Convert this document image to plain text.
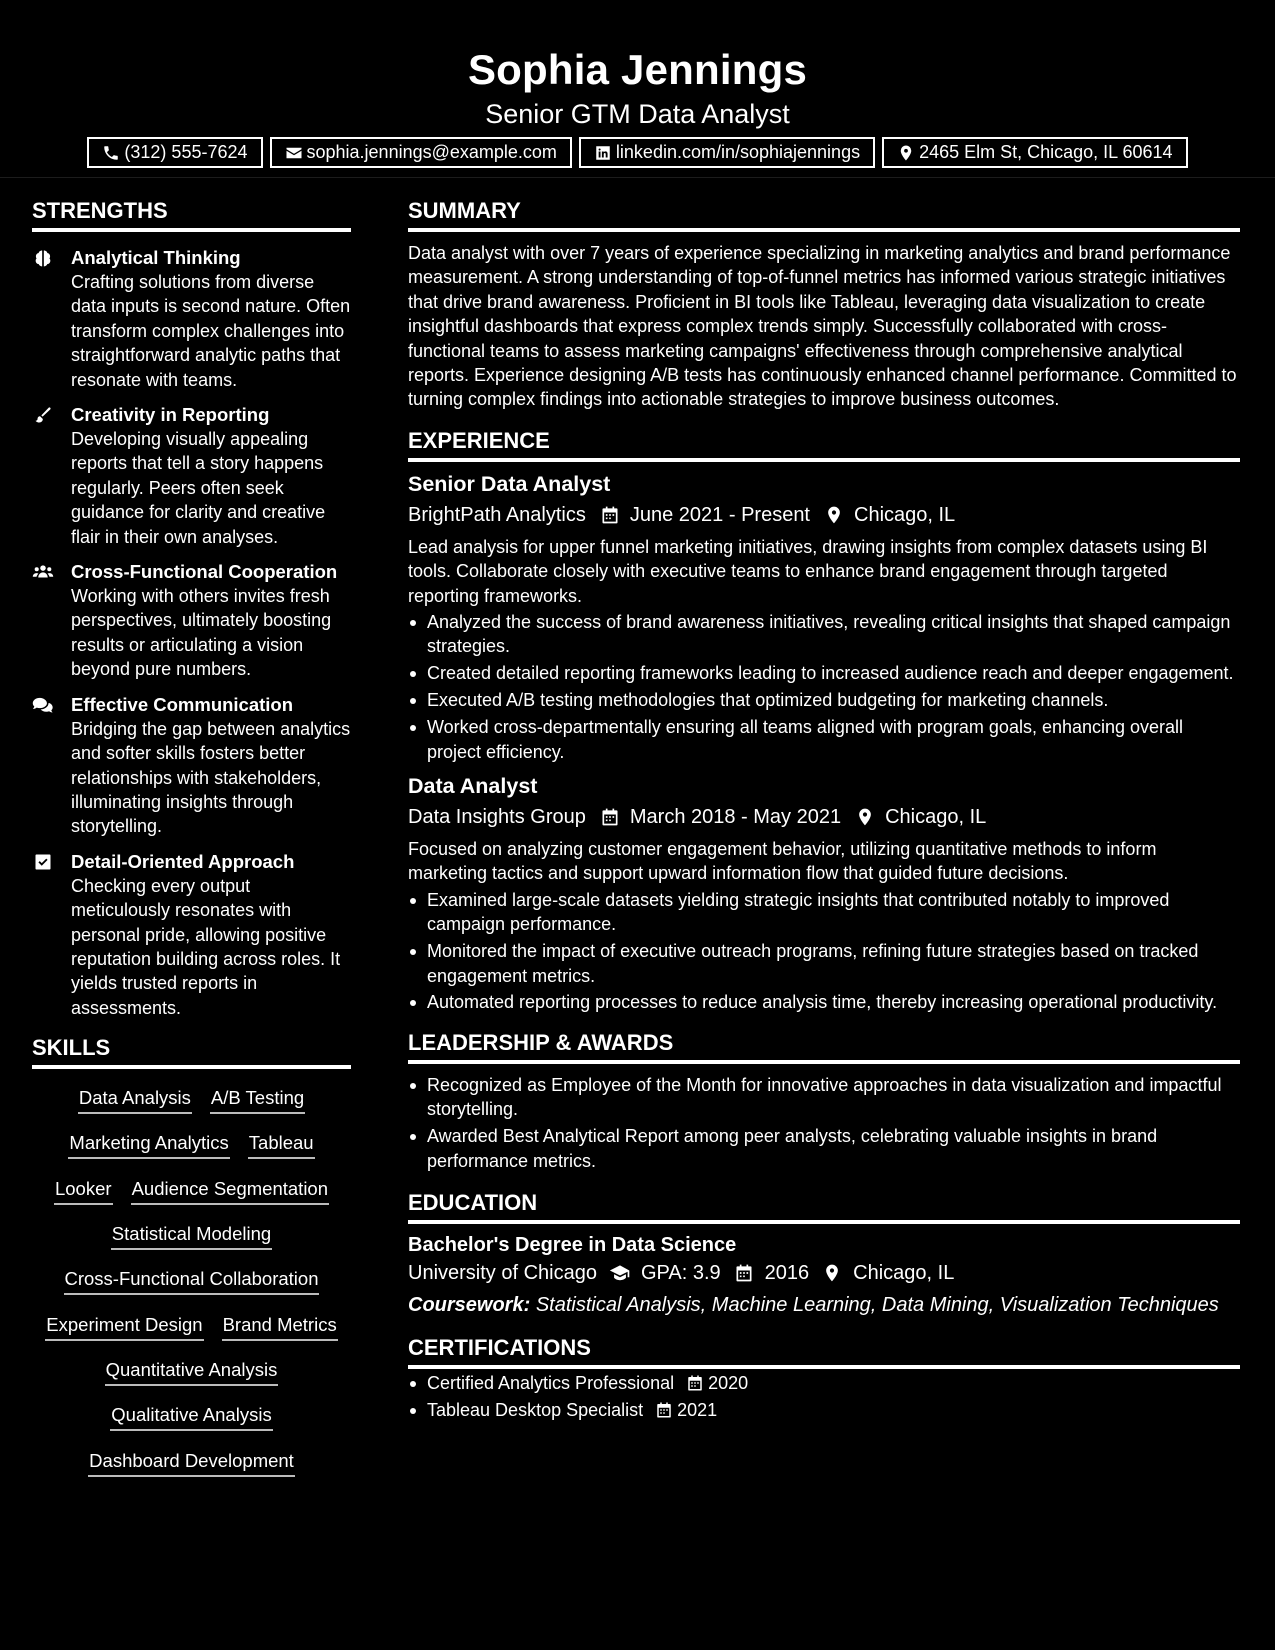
Sophia Jennings
Senior GTM Data Analyst
(312) 555-7624	sophia.jennings@example.com	linkedin.com/in/sophiajennings	2465 Elm St, Chicago, IL 60614
STRENGTHS
Analytical Thinking
Crafting solutions from diverse data inputs is second nature. Often transform complex challenges into straightforward analytic paths that resonate with teams.
Creativity in Reporting
Developing visually appealing reports that tell a story happens regularly. Peers often seek guidance for clarity and creative flair in their own analyses.
Cross-Functional Cooperation
Working with others invites fresh perspectives, ultimately boosting results or articulating a vision beyond pure numbers.
Effective Communication
Bridging the gap between analytics and softer skills fosters better relationships with stakeholders, illuminating insights through storytelling.
Detail-Oriented Approach
Checking every output meticulously resonates with personal pride, allowing positive reputation building across roles. It yields trusted reports in assessments.
SKILLS
Data Analysis A/B Testing
Marketing Analytics Tableau
Looker Audience Segmentation
Statistical Modeling
Cross-Functional Collaboration
Experiment Design Brand Metrics
Quantitative Analysis
Qualitative Analysis
Dashboard Development
SUMMARY
Data analyst with over 7 years of experience specializing in marketing analytics and brand performance measurement. A strong understanding of top-of-funnel metrics has informed various strategic initiatives that drive brand awareness. Proficient in BI tools like Tableau, leveraging data visualization to create insightful dashboards that express complex trends simply. Successfully collaborated with cross-functional teams to assess marketing campaigns' effectiveness through comprehensive analytical reports. Experience designing A/B tests has continuously enhanced channel performance. Committed to turning complex findings into actionable strategies to improve business outcomes.
EXPERIENCE
Senior Data Analyst
BrightPath Analytics June 2021 - Present Chicago, IL
Lead analysis for upper funnel marketing initiatives, drawing insights from complex datasets using BI tools. Collaborate closely with executive teams to enhance brand engagement through targeted reporting frameworks.
Analyzed the success of brand awareness initiatives, revealing critical insights that shaped campaign strategies.
Created detailed reporting frameworks leading to increased audience reach and deeper engagement.
Executed A/B testing methodologies that optimized budgeting for marketing channels.
Worked cross-departmentally ensuring all teams aligned with program goals, enhancing overall project efficiency.
Data Analyst
Data Insights Group March 2018 - May 2021 Chicago, IL
Focused on analyzing customer engagement behavior, utilizing quantitative methods to inform marketing tactics and support upward information flow that guided future decisions.
Examined large-scale datasets yielding strategic insights that contributed notably to improved campaign performance.
Monitored the impact of executive outreach programs, refining future strategies based on tracked engagement metrics.
Automated reporting processes to reduce analysis time, thereby increasing operational productivity.
LEADERSHIP & AWARDS
Recognized as Employee of the Month for innovative approaches in data visualization and impactful storytelling.
Awarded Best Analytical Report among peer analysts, celebrating valuable insights in brand performance metrics.
EDUCATION
Bachelor's Degree in Data Science
University of Chicago GPA: 3.9 2016 Chicago, IL
Coursework: Statistical Analysis, Machine Learning, Data Mining, Visualization Techniques
CERTIFICATIONS
Certified Analytics Professional 2020
Tableau Desktop Specialist 2021
